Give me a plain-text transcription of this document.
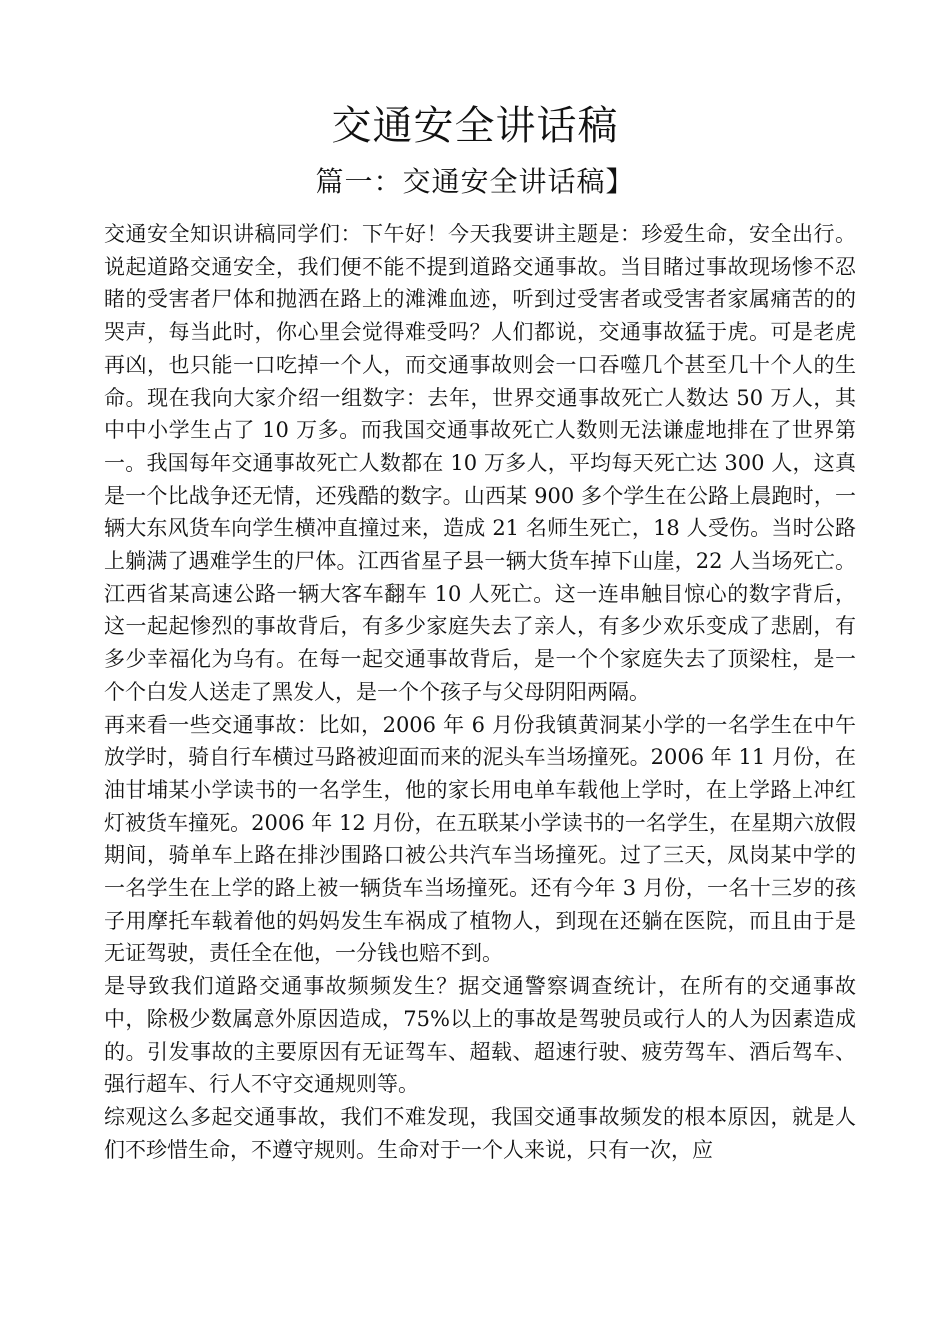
交通安全讲话稿
篇一：交通安全讲话稿】

交通安全知识讲稿同学们：下午好！今天我要讲主题是：珍爱生命，安全出行。说起道路交通安全，我们便不能不提到道路交通事故。当目睹过事故现场惨不忍睹的受害者尸体和抛洒在路上的滩滩血迹，听到过受害者或受害者家属痛苦的的哭声，每当此时，你心里会觉得难受吗？人们都说，交通事故猛于虎。可是老虎再凶，也只能一口吃掉一个人，而交通事故则会一口吞噬几个甚至几十个人的生命。现在我向大家介绍一组数字：去年，世界交通事故死亡人数达 50 万人，其中中小学生占了 10 万多。而我国交通事故死亡人数则无法谦虚地排在了世界第一。我国每年交通事故死亡人数都在 10 万多人，平均每天死亡达 300 人，这真是一个比战争还无情，还残酷的数字。山西某 900 多个学生在公路上晨跑时，一辆大东风货车向学生横冲直撞过来，造成 21 名师生死亡，18 人受伤。当时公路上躺满了遇难学生的尸体。江西省星子县一辆大货车掉下山崖，22 人当场死亡。江西省某高速公路一辆大客车翻车 10 人死亡。这一连串触目惊心的数字背后，这一起起惨烈的事故背后，有多少家庭失去了亲人，有多少欢乐变成了悲剧，有多少幸福化为乌有。在每一起交通事故背后，是一个个家庭失去了顶梁柱，是一个个白发人送走了黑发人，是一个个孩子与父母阴阳两隔。

再来看一些交通事故：比如，2006 年 6 月份我镇黄洞某小学的一名学生在中午放学时，骑自行车横过马路被迎面而来的泥头车当场撞死。2006 年 11 月份，在油甘埔某小学读书的一名学生，他的家长用电单车载他上学时，在上学路上冲红灯被货车撞死。2006 年 12 月份，在五联某小学读书的一名学生，在星期六放假期间，骑单车上路在排沙围路口被公共汽车当场撞死。过了三天，凤岗某中学的一名学生在上学的路上被一辆货车当场撞死。还有今年 3 月份，一名十三岁的孩子用摩托车载着他的妈妈发生车祸成了植物人，到现在还躺在医院，而且由于是无证驾驶，责任全在他，一分钱也赔不到。

是导致我们道路交通事故频频发生？据交通警察调查统计，在所有的交通事故中，除极少数属意外原因造成，75%以上的事故是驾驶员或行人的人为因素造成的。引发事故的主要原因有无证驾车、超载、超速行驶、疲劳驾车、酒后驾车、强行超车、行人不守交通规则等。

综观这么多起交通事故，我们不难发现，我国交通事故频发的根本原因，就是人们不珍惜生命，不遵守规则。生命对于一个人来说，只有一次，应
